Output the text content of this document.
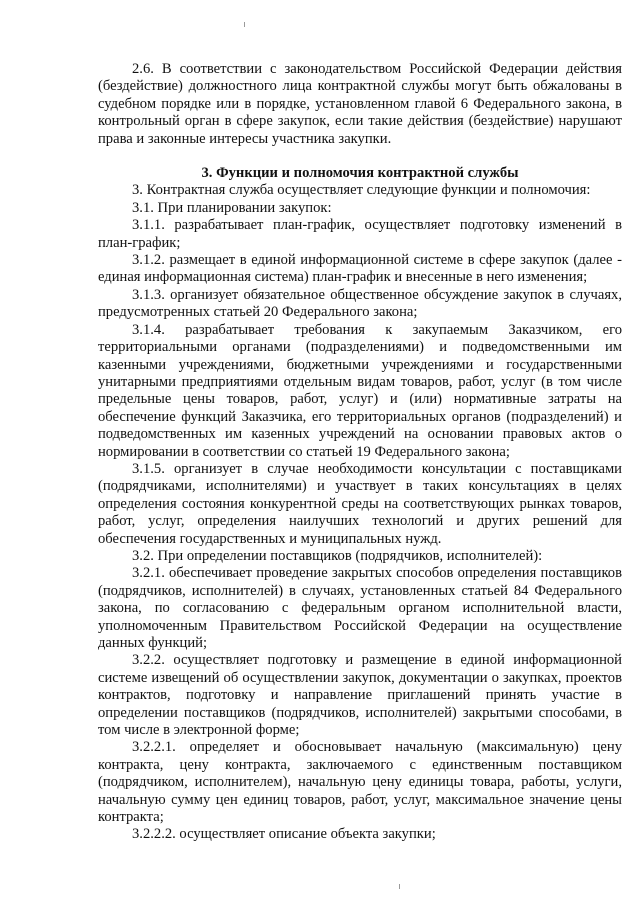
2.6. В соответствии с законодательством Российской Федерации действия (бездействие) должностного лица контрактной службы могут быть обжалованы в судебном порядке или в порядке, установленном главой 6 Федерального закона, в контрольный орган в сфере закупок, если такие действия (бездействие) нарушают права и законные интересы участника закупки.

3. Функции и полномочия контрактной службы

3. Контрактная служба осуществляет следующие функции и полномочия:

3.1. При планировании закупок:

3.1.1. разрабатывает план-график, осуществляет подготовку изменений в план-график;

3.1.2. размещает в единой информационной системе в сфере закупок (далее - единая информационная система) план-график и внесенные в него изменения;

3.1.3. организует обязательное общественное обсуждение закупок в случаях, предусмотренных статьей 20 Федерального закона;

3.1.4. разрабатывает требования к закупаемым Заказчиком, его территориальными органами (подразделениями) и подведомственными им казенными учреждениями, бюджетными учреждениями и государственными унитарными предприятиями отдельным видам товаров, работ, услуг (в том числе предельные цены товаров, работ, услуг) и (или) нормативные затраты на обеспечение функций Заказчика, его территориальных органов (подразделений) и подведомственных им казенных учреждений на основании правовых актов о нормировании в соответствии со статьей 19 Федерального закона;

3.1.5. организует в случае необходимости консультации с поставщиками (подрядчиками, исполнителями) и участвует в таких консультациях в целях определения состояния конкурентной среды на соответствующих рынках товаров, работ, услуг, определения наилучших технологий и других решений для обеспечения государственных и муниципальных нужд.

3.2. При определении поставщиков (подрядчиков, исполнителей):

3.2.1. обеспечивает проведение закрытых способов определения поставщиков (подрядчиков, исполнителей) в случаях, установленных статьей 84 Федерального закона, по согласованию с федеральным органом исполнительной власти, уполномоченным Правительством Российской Федерации на осуществление данных функций;

3.2.2. осуществляет подготовку и размещение в единой информационной системе извещений об осуществлении закупок, документации о закупках, проектов контрактов, подготовку и направление приглашений принять участие в определении поставщиков (подрядчиков, исполнителей) закрытыми способами, в том числе в электронной форме;

3.2.2.1. определяет и обосновывает начальную (максимальную) цену контракта, цену контракта, заключаемого с единственным поставщиком (подрядчиком, исполнителем), начальную цену единицы товара, работы, услуги, начальную сумму цен единиц товаров, работ, услуг, максимальное значение цены контракта;

3.2.2.2. осуществляет описание объекта закупки;
